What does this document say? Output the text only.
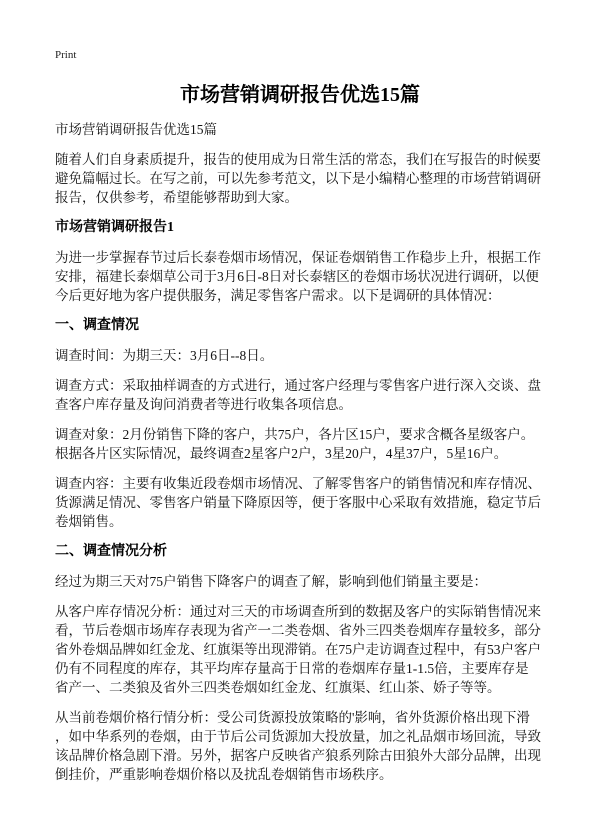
Print
市场营销调研报告优选15篇
市场营销调研报告优选15篇
随着人们自身素质提升，报告的使用成为日常生活的常态，我们在写报告的时候要
避免篇幅过长。在写之前，可以先参考范文，以下是小编精心整理的市场营销调研
报告，仅供参考，希望能够帮助到大家。
市场营销调研报告1
为进一步掌握春节过后长泰卷烟市场情况，保证卷烟销售工作稳步上升，根据工作
安排，福建长泰烟草公司于3月6日-8日对长泰辖区的卷烟市场状况进行调研，以便
今后更好地为客户提供服务，满足零售客户需求。以下是调研的具体情况：
一、调查情况
调查时间：为期三天：3月6日--8日。
调查方式：采取抽样调查的方式进行，通过客户经理与零售客户进行深入交谈、盘
查客户库存量及询问消费者等进行收集各项信息。
调查对象：2月份销售下降的客户，共75户，各片区15户，要求含概各星级客户。
根据各片区实际情况，最终调查2星客户2户，3星20户，4星37户，5星16户。
调查内容：主要有收集近段卷烟市场情况、了解零售客户的销售情况和库存情况、
货源满足情况、零售客户销量下降原因等，便于客服中心采取有效措施，稳定节后
卷烟销售。
二、调查情况分析
经过为期三天对75户销售下降客户的调查了解，影响到他们销量主要是：
从客户库存情况分析：通过对三天的市场调查所到的数据及客户的实际销售情况来
看，节后卷烟市场库存表现为省产一二类卷烟、省外三四类卷烟库存量较多，部分
省外卷烟品牌如红金龙、红旗渠等出现滞销。在75户走访调查过程中，有53户客户
仍有不同程度的库存，其平均库存量高于日常的卷烟库存量1-1.5倍，主要库存是
省产一、二类狼及省外三四类卷烟如红金龙、红旗渠、红山茶、娇子等等。
从当前卷烟价格行情分析：受公司货源投放策略的'影响，省外货源价格出现下滑
，如中华系列的卷烟，由于节后公司货源加大投放量，加之礼品烟市场回流，导致
该品牌价格急剧下滑。另外，据客户反映省产狼系列除古田狼外大部分品牌，出现
倒挂价，严重影响卷烟价格以及扰乱卷烟销售市场秩序。
